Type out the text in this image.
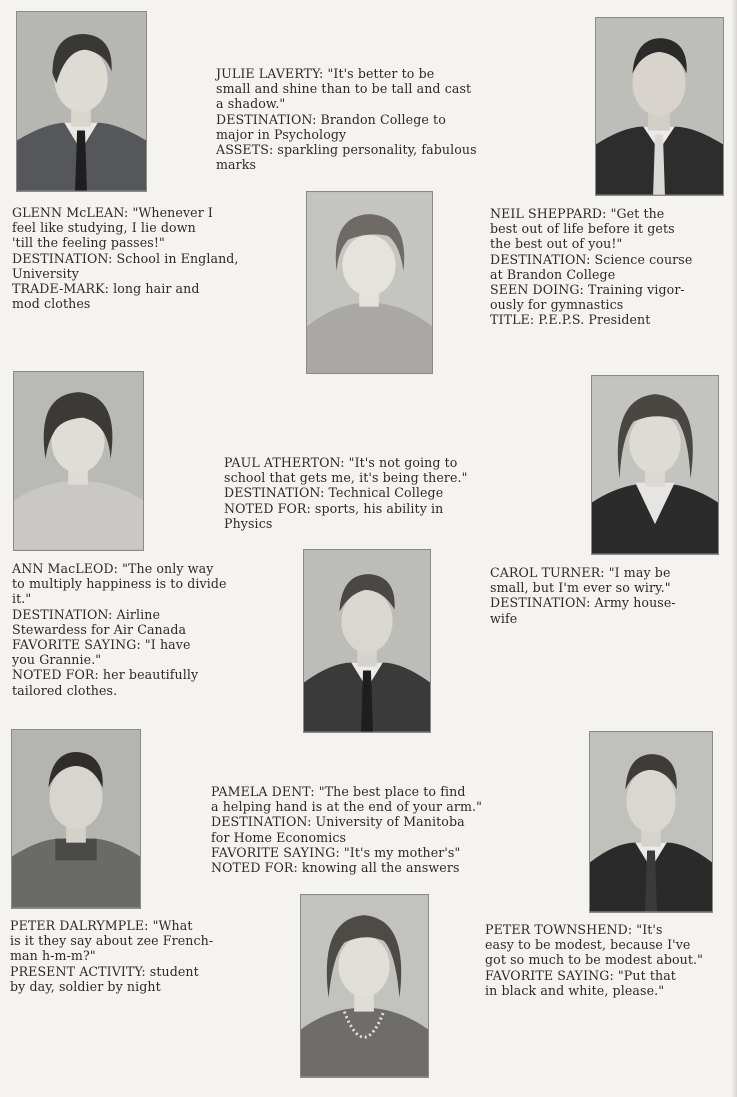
JULIE LAVERTY: "It's better to be
small and shine than to be tall and cast
a shadow."
DESTINATION: Brandon College to
major in Psychology
ASSETS: sparkling personality, fabulous
marks
GLENN McLEAN: "Whenever I
feel like studying, I lie down
'till the feeling passes!"
DESTINATION: School in England,
University
TRADE-MARK: long hair and
mod clothes
NEIL SHEPPARD: "Get the
best out of life before it gets
the best out of you!"
DESTINATION: Science course
at Brandon College
SEEN DOING: Training vigor-
ously for gymnastics
TITLE: P.E.P.S. President
PAUL ATHERTON: "It's not going to
school that gets me, it's being there."
DESTINATION: Technical College
NOTED FOR: sports, his ability in
Physics
ANN MacLEOD: "The only way
to multiply happiness is to divide
it."
DESTINATION: Airline
Stewardess for Air Canada
FAVORITE SAYING: "I have
you Grannie."
NOTED FOR: her beautifully
tailored clothes.
CAROL TURNER: "I may be
small, but I'm ever so wiry."
DESTINATION: Army house-
wife
PAMELA DENT: "The best place to find
a helping hand is at the end of your arm."
DESTINATION: University of Manitoba
for Home Economics
FAVORITE SAYING: "It's my mother's"
NOTED FOR: knowing all the answers
PETER DALRYMPLE: "What
is it they say about zee French-
man h-m-m?"
PRESENT ACTIVITY: student
by day, soldier by night
PETER TOWNSHEND: "It's
easy to be modest, because I've
got so much to be modest about."
FAVORITE SAYING: "Put that
in black and white, please."
